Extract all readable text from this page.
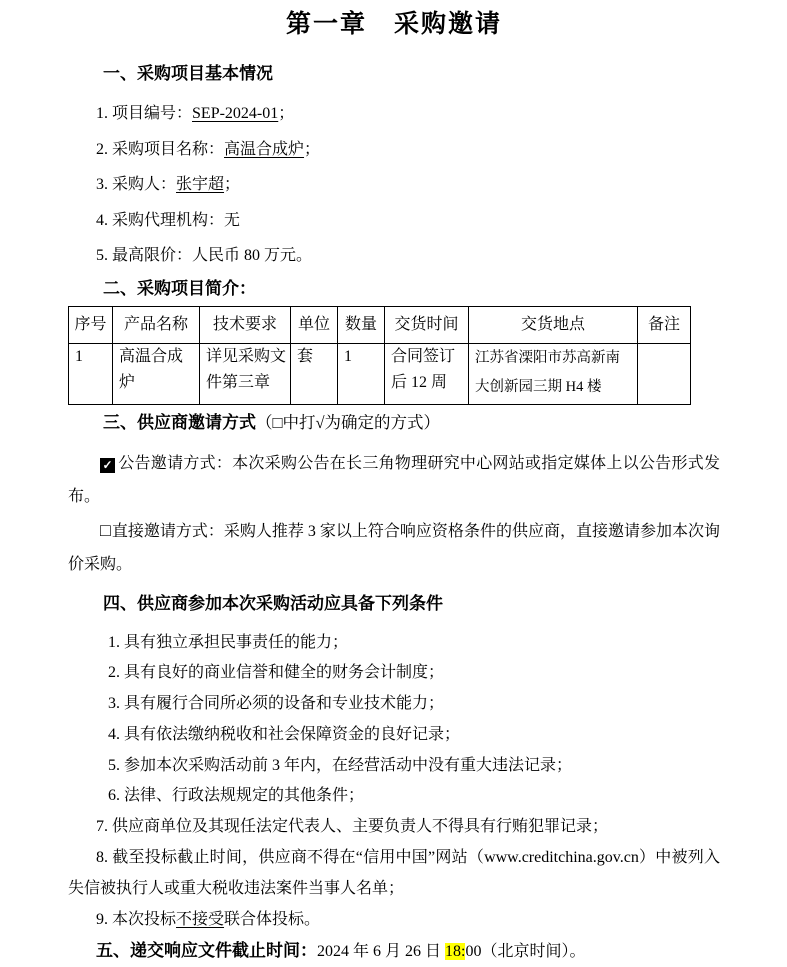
第一章　采购邀请
一、采购项目基本情况

1. 项目编号：SEP-2024-01；

2. 采购项目名称：高温合成炉；

3. 采购人：张宇超；

4. 采购代理机构：无

5. 最高限价：人民币 80 万元。

二、采购项目简介：
序号	产品名称	技术要求	单位	数量	交货时间	交货地点	备注
1	高温合成炉	详见采购文件第三章	套	1	合同签订后 12 周	江苏省溧阳市苏高新南大创新园三期 H4 楼	
三、供应商邀请方式（□中打√为确定的方式）

✓ 公告邀请方式：本次采购公告在长三角物理研究中心网站或指定媒体上以公告形式发布。

□直接邀请方式：采购人推荐 3 家以上符合响应资格条件的供应商，直接邀请参加本次询价采购。

四、供应商参加本次采购活动应具备下列条件

1. 具有独立承担民事责任的能力；

2. 具有良好的商业信誉和健全的财务会计制度；

3. 具有履行合同所必须的设备和专业技术能力；

4. 具有依法缴纳税收和社会保障资金的良好记录；

5. 参加本次采购活动前 3 年内，在经营活动中没有重大违法记录；

6. 法律、行政法规规定的其他条件；

7. 供应商单位及其现任法定代表人、主要负责人不得具有行贿犯罪记录；

8. 截至投标截止时间，供应商不得在“信用中国”网站（www.creditchina.gov.cn）中被列入失信被执行人或重大税收违法案件当事人名单；

9. 本次投标不接受联合体投标。

五、递交响应文件截止时间：2024 年 6 月 26 日 18:00（北京时间）。
